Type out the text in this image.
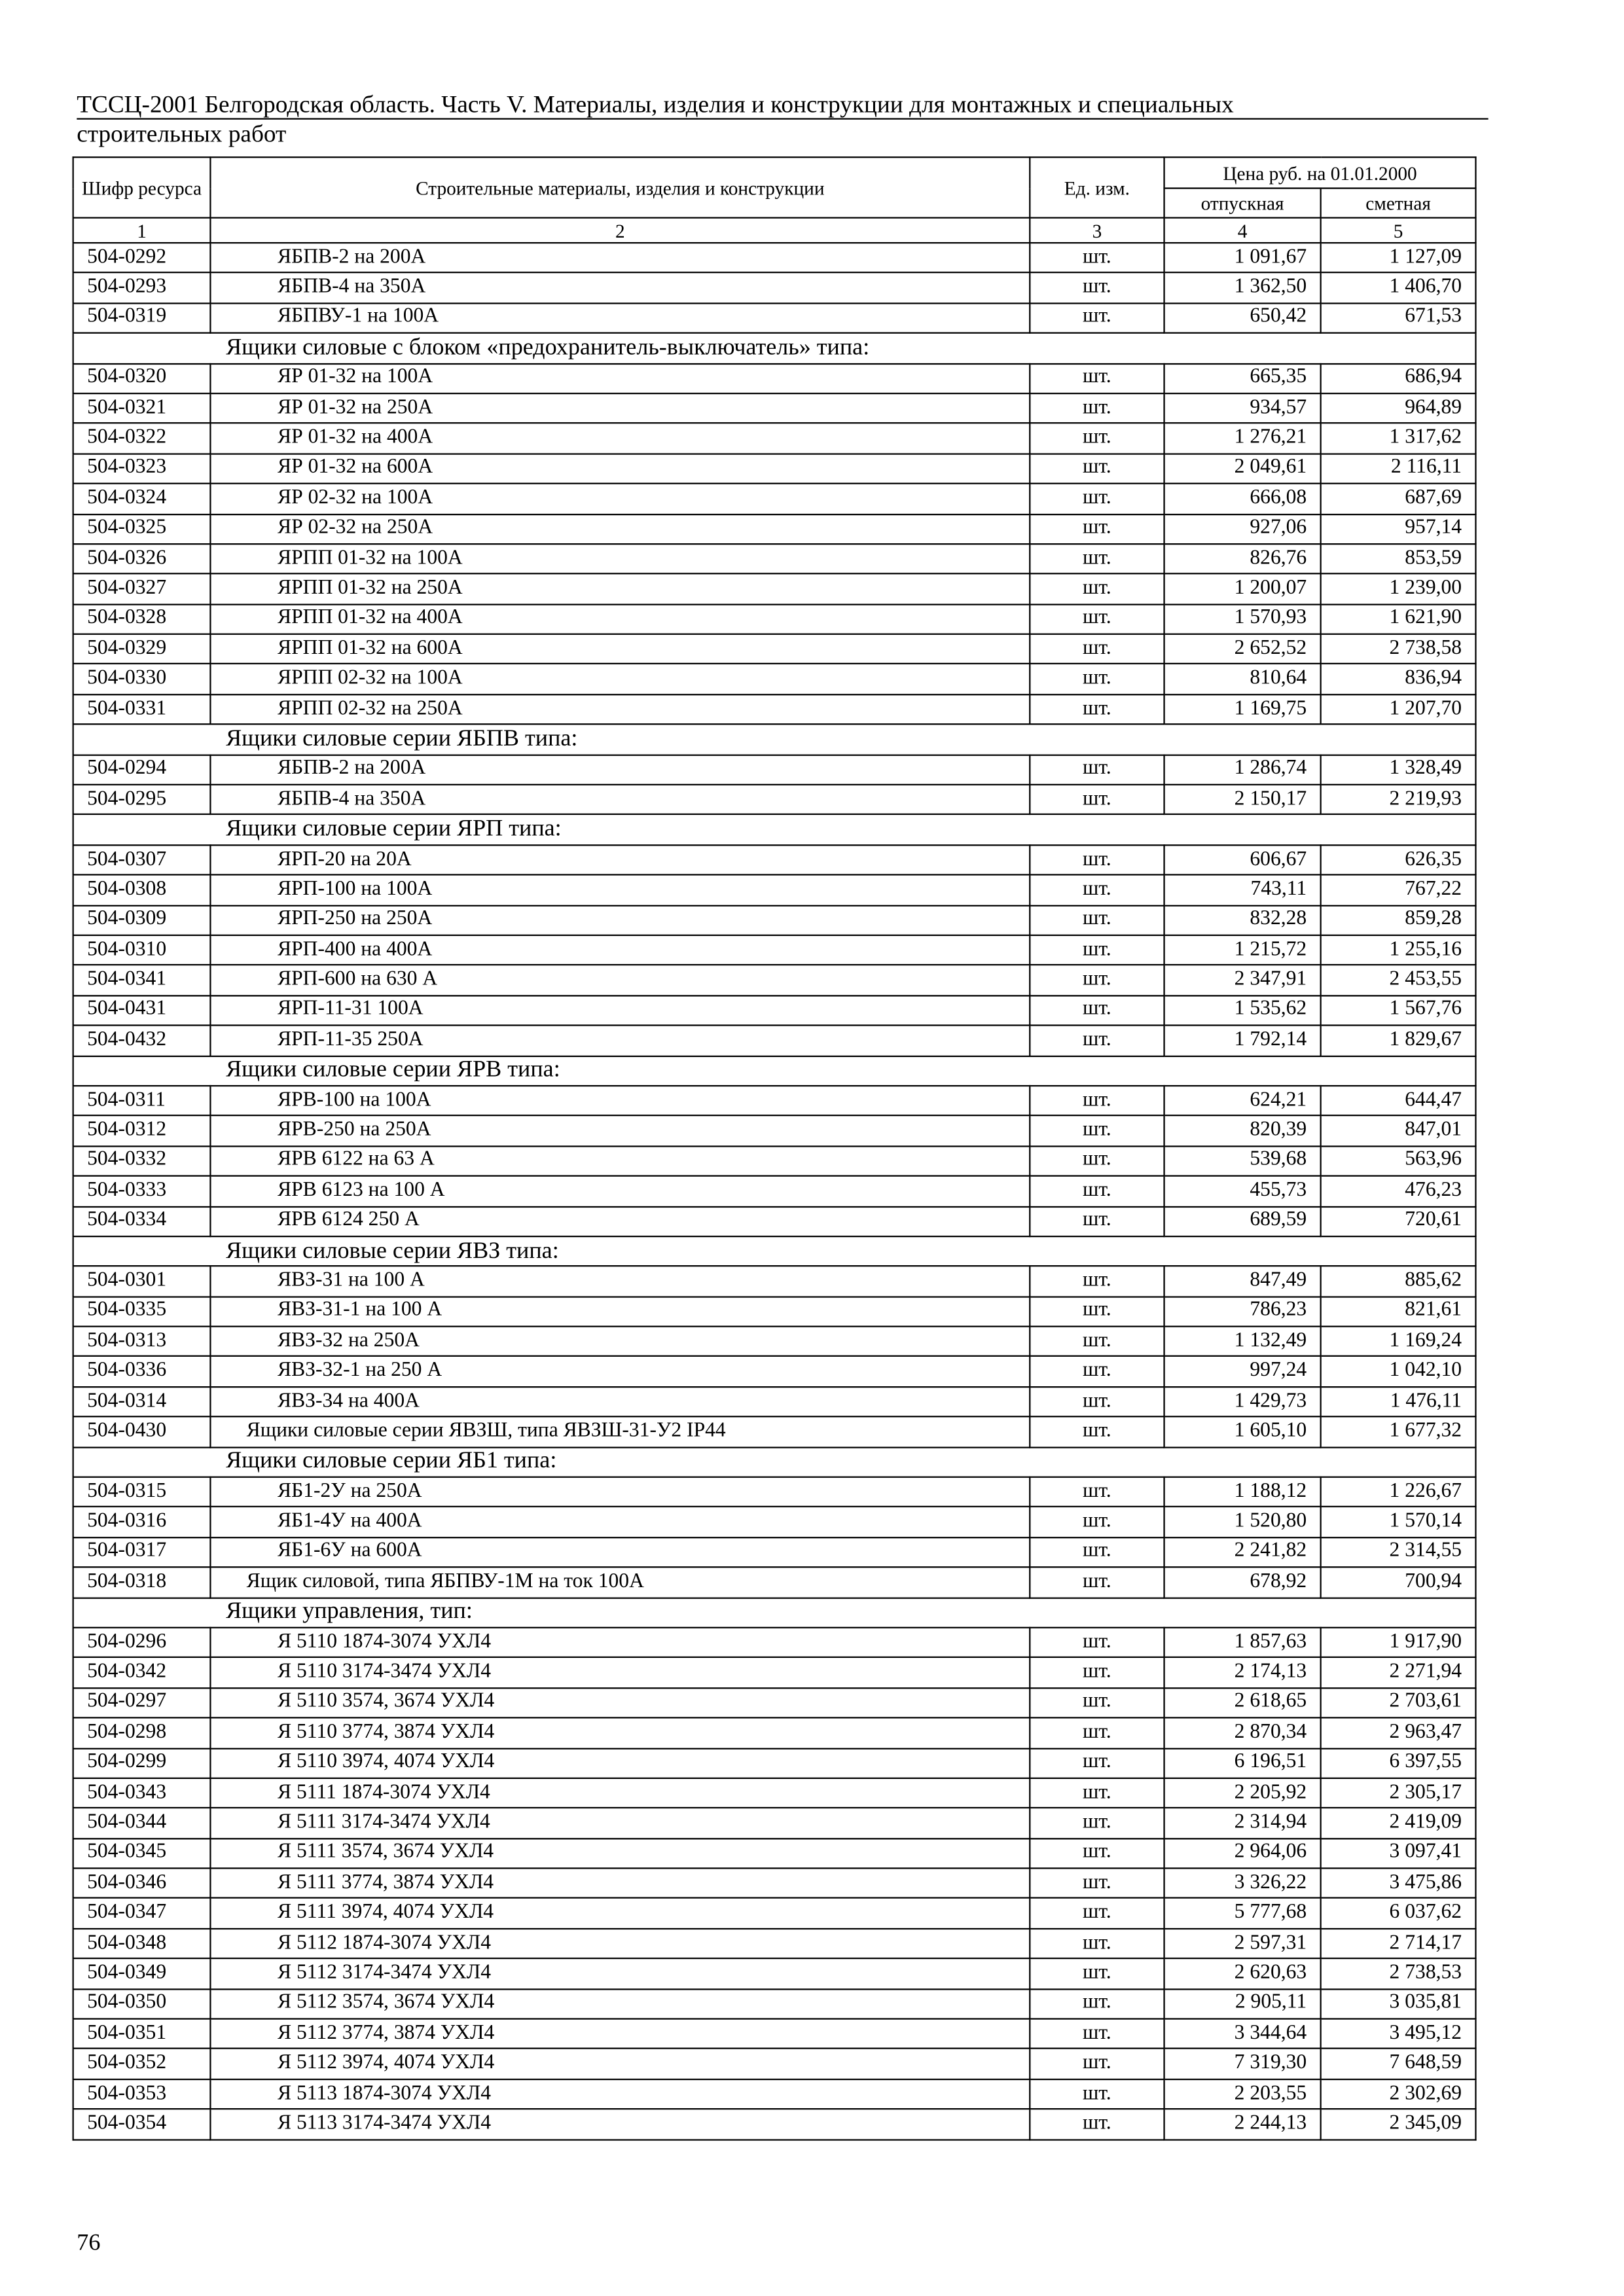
ТССЦ-2001 Белгородская область. Часть V. Материалы, изделия и конструкции для монтажных и специальных
строительных работ
Шифр ресурса	Строительные материалы, изделия и конструкции	Ед. изм.	Цена руб. на 01.01.2000	
			отпускная	сметная
1	2	3	4	5
504-0292	ЯБПВ-2 на 200А	шт.	1 091,67	1 127,09
504-0293	ЯБПВ-4 на 350А	шт.	1 362,50	1 406,70
504-0319	ЯБПВУ-1 на 100А	шт.	650,42	671,53
Ящики силовые с блоком «предохранитель-выключатель» типа:				
504-0320	ЯР 01-32 на 100А	шт.	665,35	686,94
504-0321	ЯР 01-32 на 250А	шт.	934,57	964,89
504-0322	ЯР 01-32 на 400А	шт.	1 276,21	1 317,62
504-0323	ЯР 01-32 на 600А	шт.	2 049,61	2 116,11
504-0324	ЯР 02-32 на 100А	шт.	666,08	687,69
504-0325	ЯР 02-32 на 250А	шт.	927,06	957,14
504-0326	ЯРПП 01-32 на 100А	шт.	826,76	853,59
504-0327	ЯРПП 01-32 на 250А	шт.	1 200,07	1 239,00
504-0328	ЯРПП 01-32 на 400А	шт.	1 570,93	1 621,90
504-0329	ЯРПП 01-32 на 600А	шт.	2 652,52	2 738,58
504-0330	ЯРПП 02-32 на 100А	шт.	810,64	836,94
504-0331	ЯРПП 02-32 на 250А	шт.	1 169,75	1 207,70
Ящики силовые серии ЯБПВ типа:				
504-0294	ЯБПВ-2 на 200А	шт.	1 286,74	1 328,49
504-0295	ЯБПВ-4 на 350А	шт.	2 150,17	2 219,93
Ящики силовые серии ЯРП типа:				
504-0307	ЯРП-20 на 20А	шт.	606,67	626,35
504-0308	ЯРП-100 на 100А	шт.	743,11	767,22
504-0309	ЯРП-250 на 250А	шт.	832,28	859,28
504-0310	ЯРП-400 на 400А	шт.	1 215,72	1 255,16
504-0341	ЯРП-600 на 630 А	шт.	2 347,91	2 453,55
504-0431	ЯРП-11-31 100А	шт.	1 535,62	1 567,76
504-0432	ЯРП-11-35 250А	шт.	1 792,14	1 829,67
Ящики силовые серии ЯРВ типа:				
504-0311	ЯРВ-100 на 100А	шт.	624,21	644,47
504-0312	ЯРВ-250 на 250А	шт.	820,39	847,01
504-0332	ЯРВ 6122 на 63 А	шт.	539,68	563,96
504-0333	ЯРВ 6123 на 100 А	шт.	455,73	476,23
504-0334	ЯРВ 6124 250 А	шт.	689,59	720,61
Ящики силовые серии ЯВЗ типа:				
504-0301	ЯВЗ-31 на 100 А	шт.	847,49	885,62
504-0335	ЯВЗ-31-1 на 100 А	шт.	786,23	821,61
504-0313	ЯВЗ-32 на 250А	шт.	1 132,49	1 169,24
504-0336	ЯВЗ-32-1 на 250 А	шт.	997,24	1 042,10
504-0314	ЯВЗ-34 на 400А	шт.	1 429,73	1 476,11
504-0430	Ящики силовые серии ЯВЗШ, типа ЯВЗШ-31-У2 IP44	шт.	1 605,10	1 677,32
Ящики силовые серии ЯБ1 типа:				
504-0315	ЯБ1-2У на 250А	шт.	1 188,12	1 226,67
504-0316	ЯБ1-4У на 400А	шт.	1 520,80	1 570,14
504-0317	ЯБ1-6У на 600А	шт.	2 241,82	2 314,55
504-0318	Ящик силовой, типа ЯБПВУ-1М на ток 100А	шт.	678,92	700,94
Ящики управления, тип:				
504-0296	Я 5110 1874-3074 УХЛ4	шт.	1 857,63	1 917,90
504-0342	Я 5110 3174-3474 УХЛ4	шт.	2 174,13	2 271,94
504-0297	Я 5110 3574, 3674 УХЛ4	шт.	2 618,65	2 703,61
504-0298	Я 5110 3774, 3874 УХЛ4	шт.	2 870,34	2 963,47
504-0299	Я 5110 3974, 4074 УХЛ4	шт.	6 196,51	6 397,55
504-0343	Я 5111 1874-3074 УХЛ4	шт.	2 205,92	2 305,17
504-0344	Я 5111 3174-3474 УХЛ4	шт.	2 314,94	2 419,09
504-0345	Я 5111 3574, 3674 УХЛ4	шт.	2 964,06	3 097,41
504-0346	Я 5111 3774, 3874 УХЛ4	шт.	3 326,22	3 475,86
504-0347	Я 5111 3974, 4074 УХЛ4	шт.	5 777,68	6 037,62
504-0348	Я 5112 1874-3074 УХЛ4	шт.	2 597,31	2 714,17
504-0349	Я 5112 3174-3474 УХЛ4	шт.	2 620,63	2 738,53
504-0350	Я 5112 3574, 3674 УХЛ4	шт.	2 905,11	3 035,81
504-0351	Я 5112 3774, 3874 УХЛ4	шт.	3 344,64	3 495,12
504-0352	Я 5112 3974, 4074 УХЛ4	шт.	7 319,30	7 648,59
504-0353	Я 5113 1874-3074 УХЛ4	шт.	2 203,55	2 302,69
504-0354	Я 5113 3174-3474 УХЛ4	шт.	2 244,13	2 345,09
76
